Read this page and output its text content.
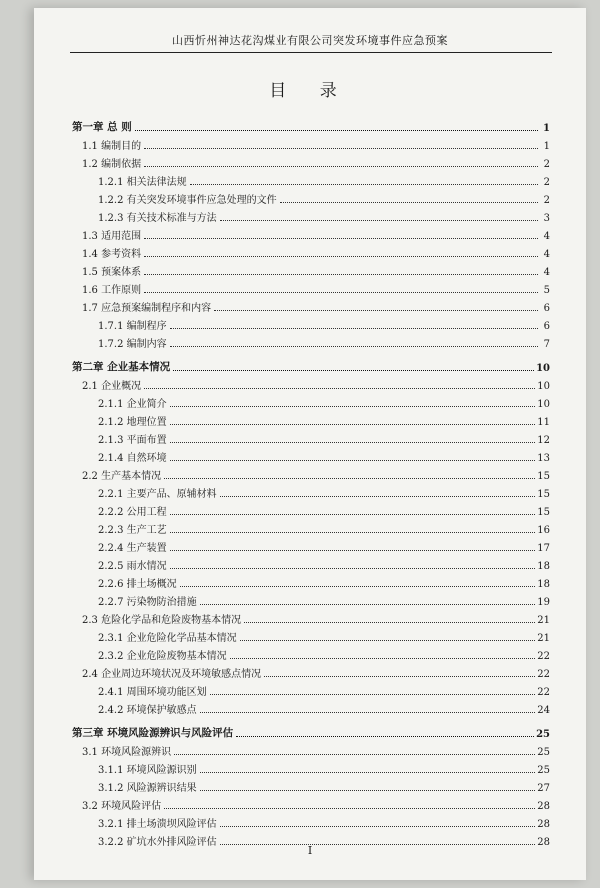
山西忻州神达花沟煤业有限公司突发环境事件应急预案
目 录
第一章 总 则	1
1.1 编制目的	1
1.2 编制依据	2
1.2.1 相关法律法规	2
1.2.2 有关突发环境事件应急处理的文件	2
1.2.3 有关技术标准与方法	3
1.3 适用范围	4
1.4 参考资料	4
1.5 预案体系	4
1.6 工作原则	5
1.7 应急预案编制程序和内容	6
1.7.1 编制程序	6
1.7.2 编制内容	7
第二章 企业基本情况	10
2.1 企业概况	10
2.1.1 企业简介	10
2.1.2 地理位置	11
2.1.3 平面布置	12
2.1.4 自然环境	13
2.2 生产基本情况	15
2.2.1 主要产品、原辅材料	15
2.2.2 公用工程	15
2.2.3 生产工艺	16
2.2.4 生产装置	17
2.2.5 雨水情况	18
2.2.6 排土场概况	18
2.2.7 污染物防治措施	19
2.3 危险化学品和危险废物基本情况	21
2.3.1 企业危险化学品基本情况	21
2.3.2 企业危险废物基本情况	22
2.4 企业周边环境状况及环境敏感点情况	22
2.4.1 周围环境功能区划	22
2.4.2 环境保护敏感点	24
第三章 环境风险源辨识与风险评估	25
3.1 环境风险源辨识	25
3.1.1 环境风险源识别	25
3.1.2 风险源辨识结果	27
3.2 环境风险评估	28
3.2.1 排土场溃坝风险评估	28
3.2.2 矿坑水外排风险评估	28
I
